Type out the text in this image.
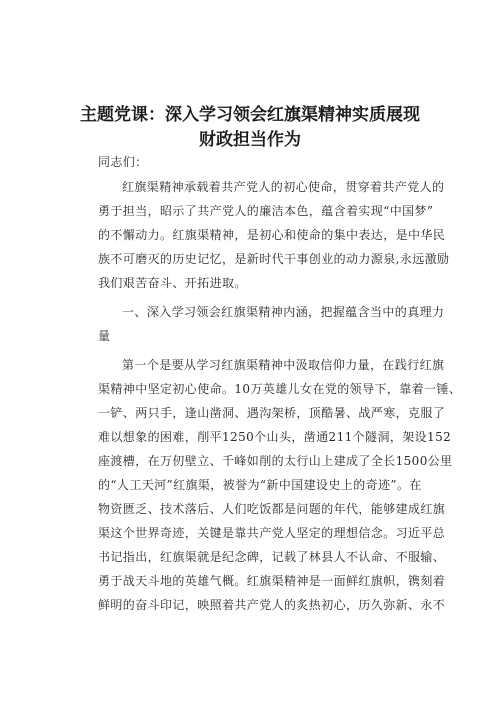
主题党课：深入学习领会红旗渠精神实质展现
财政担当作为
同志们：
红旗渠精神承载着共产党人的初心使命，贯穿着共产党人的
勇于担当，昭示了共产党人的廉洁本色，蕴含着实现“中国梦”
的不懈动力。红旗渠精神，是初心和使命的集中表达，是中华民
族不可磨灭的历史记忆，是新时代干事创业的动力源泉,永远激励
我们艰苦奋斗、开拓进取。
一、深入学习领会红旗渠精神内涵，把握蕴含当中的真理力
量
第一个是要从学习红旗渠精神中汲取信仰力量，在践行红旗
渠精神中坚定初心使命。10万英雄儿女在党的领导下，靠着一锤、
一铲、两只手，逢山凿洞、遇沟架桥，顶酷暑、战严寒，克服了
难以想象的困难，削平1250个山头，凿通211个隧洞，架设152
座渡槽，在万仞壁立、千峰如削的太行山上建成了全长1500公里
的“人工天河”红旗渠，被誉为“新中国建设史上的奇迹”。在
物资匮乏、技术落后、人们吃饭都是问题的年代，能够建成红旗
渠这个世界奇迹，关键是靠共产党人坚定的理想信念。习近平总
书记指出，红旗渠就是纪念碑，记载了林县人不认命、不服输、
勇于战天斗地的英雄气概。红旗渠精神是一面鲜红旗帜，镌刻着
鲜明的奋斗印记，映照着共产党人的炙热初心，历久弥新、永不
